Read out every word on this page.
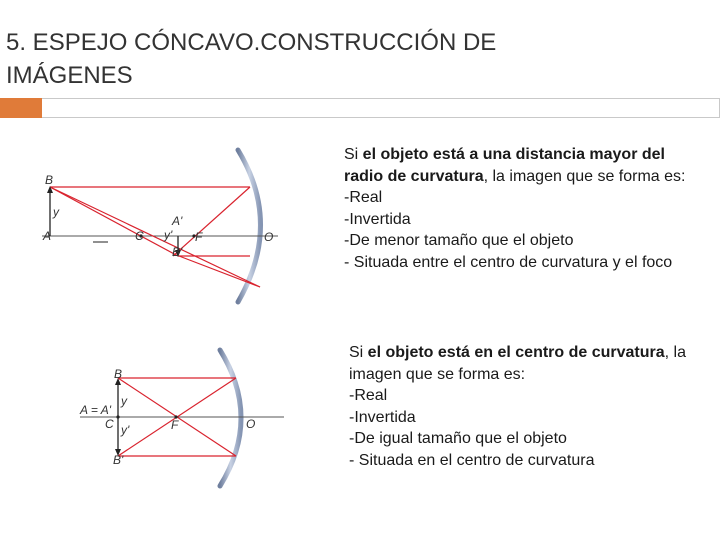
5. ESPEJO CÓNCAVO.CONSTRUCCIÓN DE
IMÁGENES
B
y
A	C y'
A'
F
B'
O
B
A = A'
y
C y'	F	O
B'

Si el objeto está a una distancia mayor del radio de curvatura, la imagen que se forma es:

-Real

-Invertida

-De menor tamaño que el objeto

- Situada entre el centro de curvatura y el foco

Si el objeto está en el centro de curvatura, la imagen que se forma es:

-Real

-Invertida

-De igual tamaño que el objeto

- Situada en el centro de curvatura
